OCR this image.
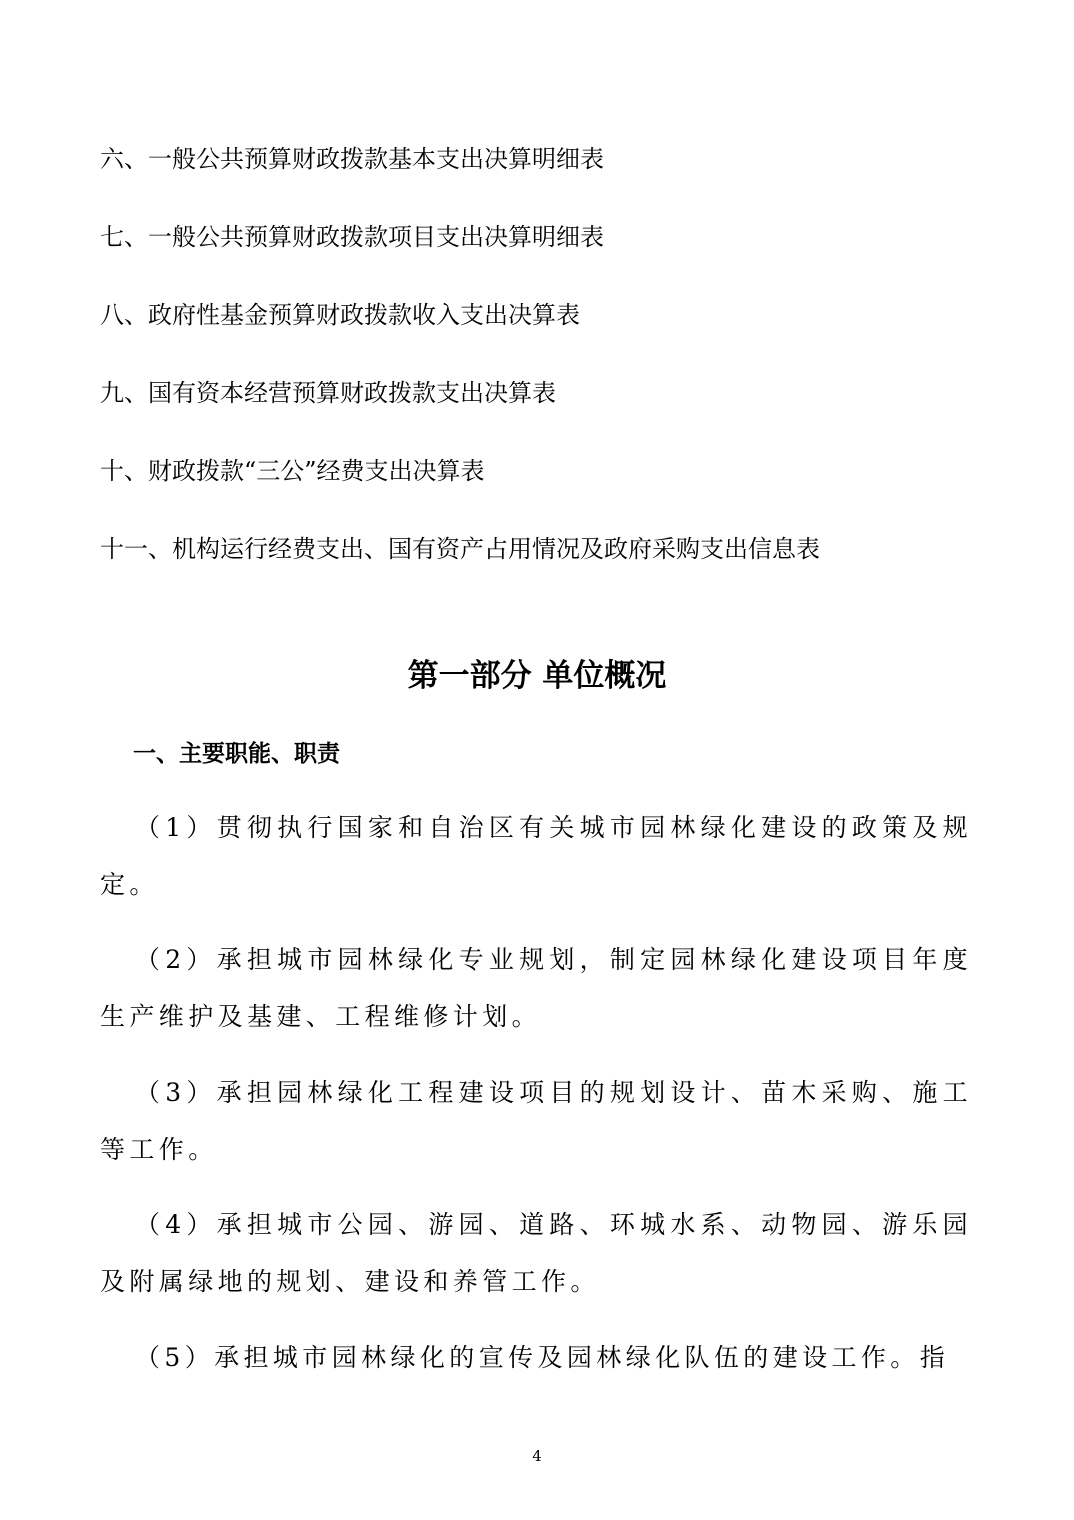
六、一般公共预算财政拨款基本支出决算明细表
七、一般公共预算财政拨款项目支出决算明细表
八、政府性基金预算财政拨款收入支出决算表
九、国有资本经营预算财政拨款支出决算表
十、财政拨款“三公”经费支出决算表
十一、机构运行经费支出、国有资产占用情况及政府采购支出信息表
第一部分 单位概况
一、主要职能、职责
（1）贯彻执行国家和自治区有关城市园林绿化建设的政策及规定。
（2）承担城市园林绿化专业规划，制定园林绿化建设项目年度生产维护及基建、工程维修计划。
（3）承担园林绿化工程建设项目的规划设计、苗木采购、施工等工作。
（4）承担城市公园、游园、道路、环城水系、动物园、游乐园及附属绿地的规划、建设和养管工作。
（5）承担城市园林绿化的宣传及园林绿化队伍的建设工作。指
4
